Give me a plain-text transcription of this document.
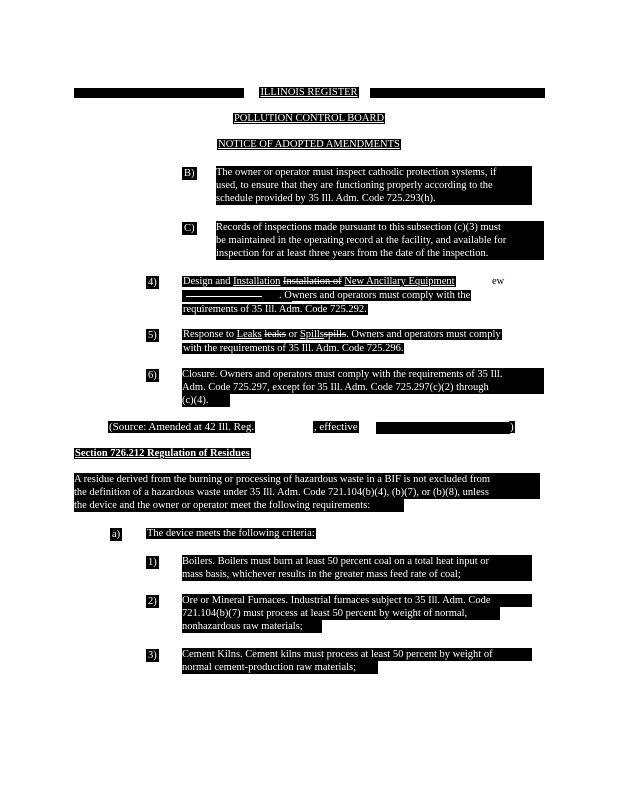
ILLINOIS REGISTER
POLLUTION CONTROL BOARD
NOTICE OF ADOPTED AMENDMENTS
B) The owner or operator must inspect cathodic protection systems, if
used, to ensure that they are functioning properly according to the
schedule provided by 35 Ill. Adm. Code 725.293(h).
C) Records of inspections made pursuant to this subsection (c)(3) must
be maintained in the operating record at the facility, and available for
inspection for at least three years from the date of the inspection.
4)	Design and Installation Installation of New Ancillary Equipment	ew
. Owners and operators must comply with the
requirements of 35 Ill. Adm. Code 725.292.
5)	Response to Leaks leaks or Spillsspills. Owners and operators must comply
with the requirements of 35 Ill. Adm. Code 725.296.
6) Closure. Owners and operators must comply with the requirements of 35 Ill.
Adm. Code 725.297, except for 35 Ill. Adm. Code 725.297(c)(2) through
(c)(4).
(Source: Amended at 42 Ill. Reg.	, effective	)
Section 726.212 Regulation of Residues
A residue derived from the burning or processing of hazardous waste in a BIF is not excluded from
the definition of a hazardous waste under 35 Ill. Adm. Code 721.104(b)(4), (b)(7), or (b)(8), unless
the device and the owner or operator meet the following requirements:
a)	The device meets the following criteria:
1) Boilers. Boilers must burn at least 50 percent coal on a total heat input or
mass basis, whichever results in the greater mass feed rate of coal;
2) Ore or Mineral Furnaces. Industrial furnaces subject to 35 Ill. Adm. Code
721.104(b)(7) must process at least 50 percent by weight of normal,
nonhazardous raw materials;
3) Cement Kilns. Cement kilns must process at least 50 percent by weight of
normal cement-production raw materials;
